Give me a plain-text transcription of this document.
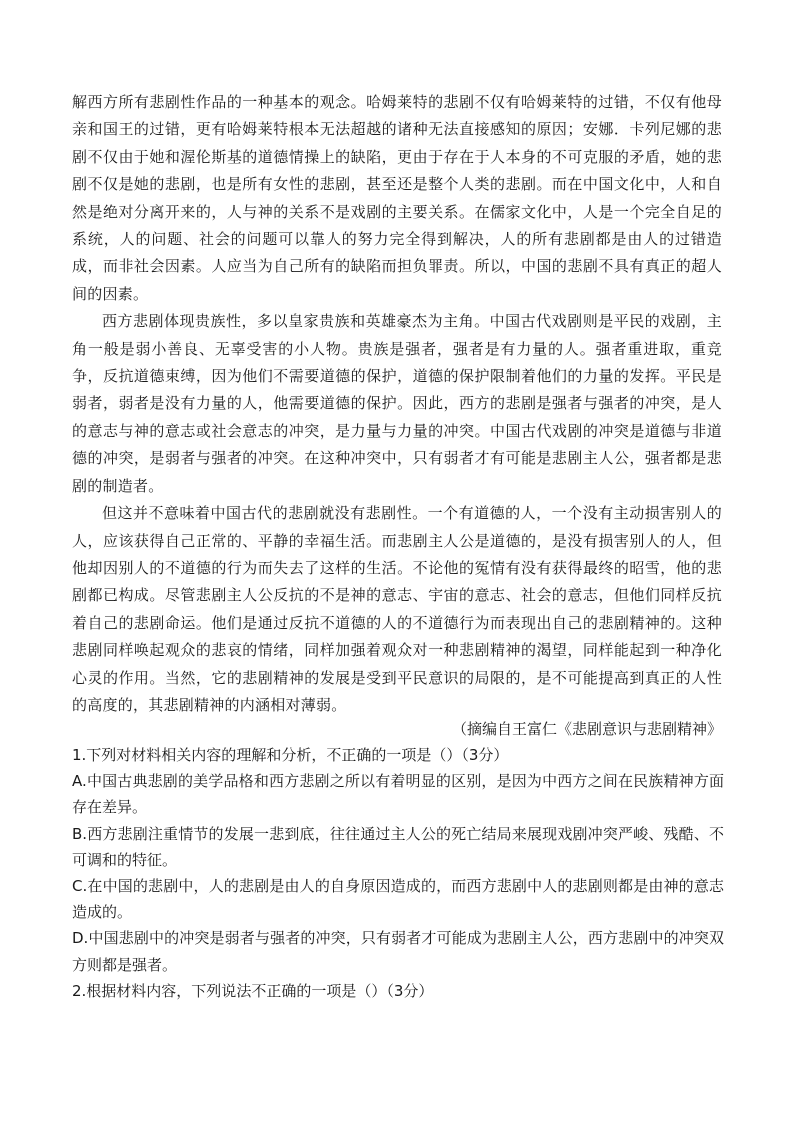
解西方所有悲剧性作品的一种基本的观念。哈姆莱特的悲剧不仅有哈姆莱特的过错，不仅有他母亲和国王的过错，更有哈姆莱特根本无法超越的诸种无法直接感知的原因；安娜．卡列尼娜的悲剧不仅由于她和渥伦斯基的道德情操上的缺陷，更由于存在于人本身的不可克服的矛盾，她的悲剧不仅是她的悲剧，也是所有女性的悲剧，甚至还是整个人类的悲剧。而在中国文化中，人和自然是绝对分离开来的，人与神的关系不是戏剧的主要关系。在儒家文化中，人是一个完全自足的系统，人的问题、社会的问题可以靠人的努力完全得到解决，人的所有悲剧都是由人的过错造成，而非社会因素。人应当为自己所有的缺陷而担负罪责。所以，中国的悲剧不具有真正的超人间的因素。

西方悲剧体现贵族性，多以皇家贵族和英雄豪杰为主角。中国古代戏剧则是平民的戏剧，主角一般是弱小善良、无辜受害的小人物。贵族是强者，强者是有力量的人。强者重进取，重竞争，反抗道德束缚，因为他们不需要道德的保护，道德的保护限制着他们的力量的发挥。平民是弱者，弱者是没有力量的人，他需要道德的保护。因此，西方的悲剧是强者与强者的冲突，是人的意志与神的意志或社会意志的冲突，是力量与力量的冲突。中国古代戏剧的冲突是道德与非道德的冲突，是弱者与强者的冲突。在这种冲突中，只有弱者才有可能是悲剧主人公，强者都是悲剧的制造者。

但这并不意味着中国古代的悲剧就没有悲剧性。一个有道德的人，一个没有主动损害别人的人，应该获得自己正常的、平静的幸福生活。而悲剧主人公是道德的，是没有损害别人的人，但他却因别人的不道德的行为而失去了这样的生活。不论他的冤情有没有获得最终的昭雪，他的悲剧都已构成。尽管悲剧主人公反抗的不是神的意志、宇宙的意志、社会的意志，但他们同样反抗着自己的悲剧命运。他们是通过反抗不道德的人的不道德行为而表现出自己的悲剧精神的。这种悲剧同样唤起观众的悲哀的情绪，同样加强着观众对一种悲剧精神的渴望，同样能起到一种净化心灵的作用。当然，它的悲剧精神的发展是受到平民意识的局限的，是不可能提高到真正的人性的高度的，其悲剧精神的内涵相对薄弱。

（摘编自王富仁《悲剧意识与悲剧精神》

1.下列对材料相关内容的理解和分析，不正确的一项是（）（3分）

A.中国古典悲剧的美学品格和西方悲剧之所以有着明显的区别，是因为中西方之间在民族精神方面存在差异。

B.西方悲剧注重情节的发展一悲到底，往往通过主人公的死亡结局来展现戏剧冲突严峻、残酷、不可调和的特征。

C.在中国的悲剧中，人的悲剧是由人的自身原因造成的，而西方悲剧中人的悲剧则都是由神的意志造成的。

D.中国悲剧中的冲突是弱者与强者的冲突，只有弱者才可能成为悲剧主人公，西方悲剧中的冲突双方则都是强者。

2.根据材料内容，下列说法不正确的一项是（）（3分）
